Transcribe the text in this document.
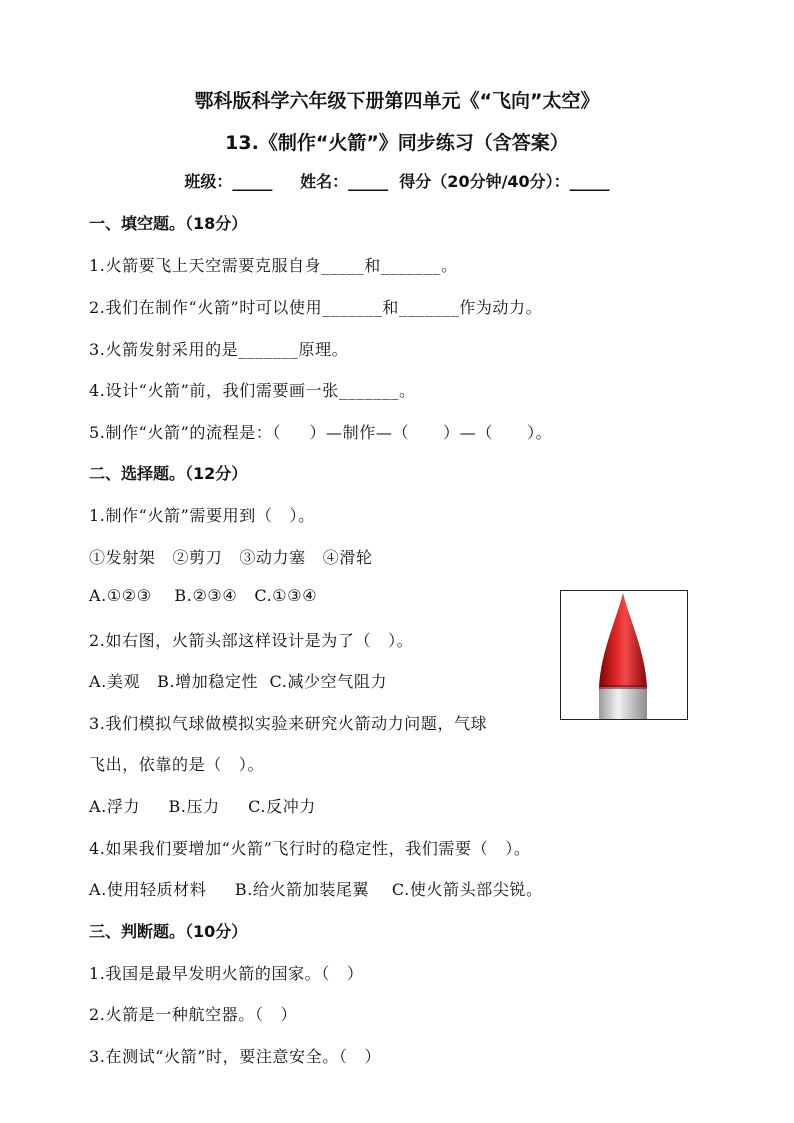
鄂科版科学六年级下册第四单元《“飞向”太空》
13.《制作“火箭”》同步练习（含答案）
班级：_____     姓名：_____  得分（20分钟/40分）：_____
一、填空题。（18分）
1.火箭要飞上天空需要克服自身_____和_______。
2.我们在制作“火箭”时可以使用_______和_______作为动力。
3.火箭发射采用的是_______原理。
4.设计“火箭”前，我们需要画一张_______。
5.制作“火箭”的流程是：（     ）—制作—（      ）—（      ）。
二、选择题。（12分）
1.制作“火箭”需要用到（   ）。
①发射架   ②剪刀   ③动力塞   ④滑轮
A.①②③    B.②③④   C.①③④
2.如右图，火箭头部这样设计是为了（   ）。
A.美观   B.增加稳定性  C.减少空气阻力
3.我们模拟气球做模拟实验来研究火箭动力问题，气球
飞出，依靠的是（   ）。
A.浮力     B.压力     C.反冲力
4.如果我们要增加“火箭”飞行时的稳定性，我们需要（   ）。
A.使用轻质材料     B.给火箭加装尾翼    C.使火箭头部尖锐。
三、判断题。（10分）
1.我国是最早发明火箭的国家。（   ）
2.火箭是一种航空器。（   ）
3.在测试“火箭”时，要注意安全。（   ）
